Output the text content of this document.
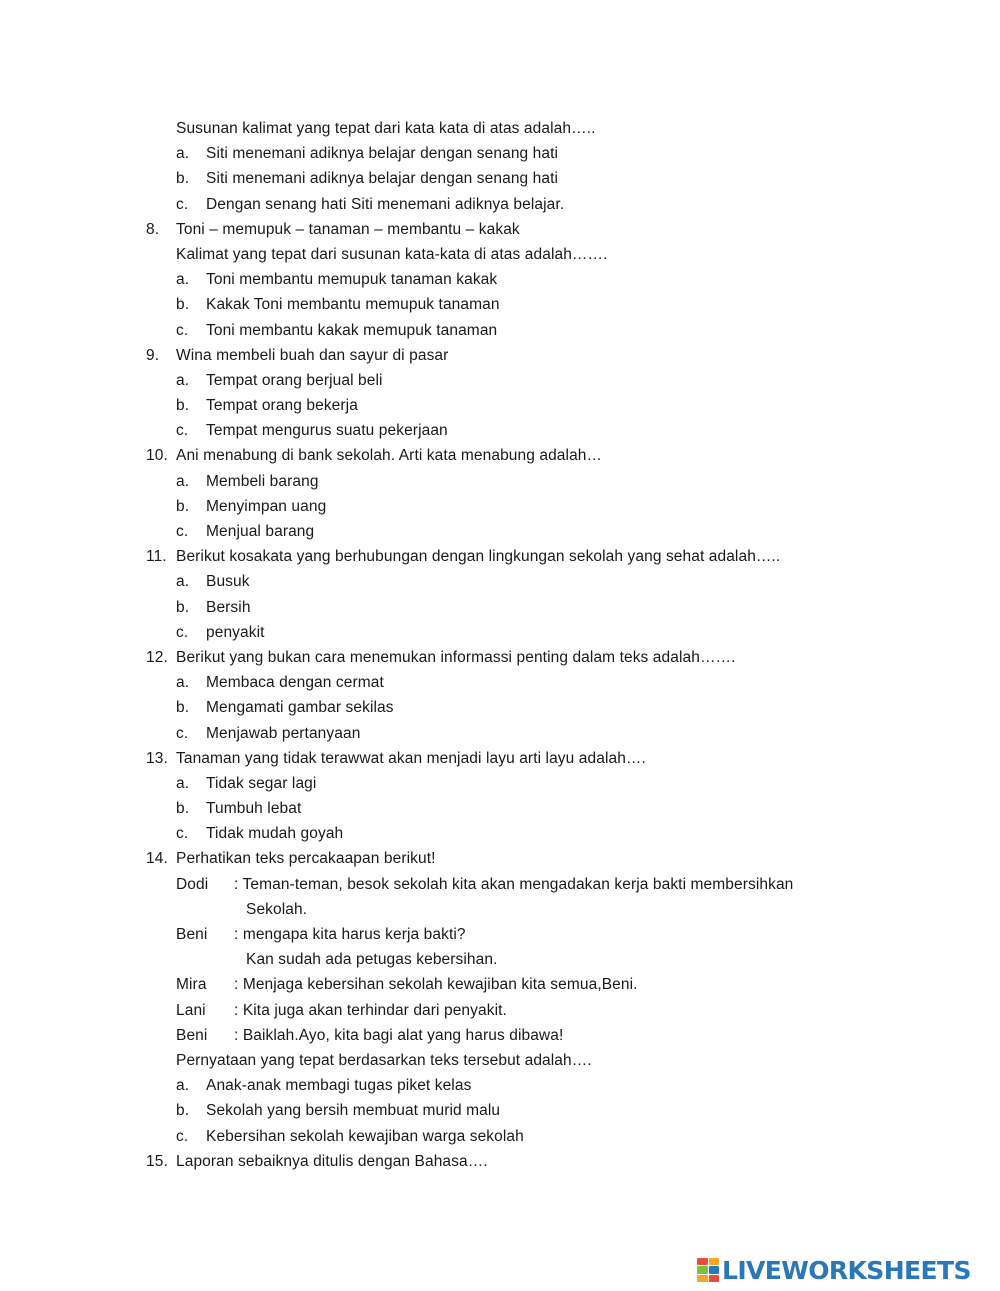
Susunan kalimat yang tepat dari kata kata di atas adalah…..
a. Siti menemani adiknya belajar dengan senang hati
b. Siti menemani adiknya belajar dengan senang hati
c. Dengan senang hati Siti menemani adiknya belajar.
8. Toni – memupuk – tanaman – membantu – kakak
Kalimat yang tepat dari susunan kata-kata di atas adalah…….
a. Toni membantu memupuk tanaman kakak
b. Kakak Toni membantu memupuk tanaman
c. Toni membantu kakak memupuk tanaman
9. Wina membeli buah dan sayur di pasar
a. Tempat orang berjual beli
b. Tempat orang bekerja
c. Tempat mengurus suatu pekerjaan
10. Ani menabung di bank sekolah. Arti kata menabung adalah…
a. Membeli barang
b. Menyimpan uang
c. Menjual barang
11. Berikut kosakata yang berhubungan dengan lingkungan sekolah yang sehat adalah…..
a. Busuk
b. Bersih
c. penyakit
12. Berikut yang bukan cara menemukan informassi penting dalam teks adalah…….
a. Membaca dengan cermat
b. Mengamati gambar sekilas
c. Menjawab pertanyaan
13. Tanaman yang tidak terawwat akan menjadi layu arti layu adalah….
a. Tidak segar lagi
b. Tumbuh lebat
c. Tidak mudah goyah
14. Perhatikan teks percakaapan berikut!
Dodi : Teman-teman, besok sekolah kita akan mengadakan kerja bakti membersihkan
Sekolah.
Beni : mengapa kita harus kerja bakti?
Kan sudah ada petugas kebersihan.
Mira : Menjaga kebersihan sekolah kewajiban kita semua,Beni.
Lani : Kita juga akan terhindar dari penyakit.
Beni : Baiklah.Ayo, kita bagi alat yang harus dibawa!
Pernyataan yang tepat berdasarkan teks tersebut adalah….
a. Anak-anak membagi tugas piket kelas
b. Sekolah yang bersih membuat murid malu
c. Kebersihan sekolah kewajiban warga sekolah
15. Laporan sebaiknya ditulis dengan Bahasa….
LIVEWORKSHEETS
